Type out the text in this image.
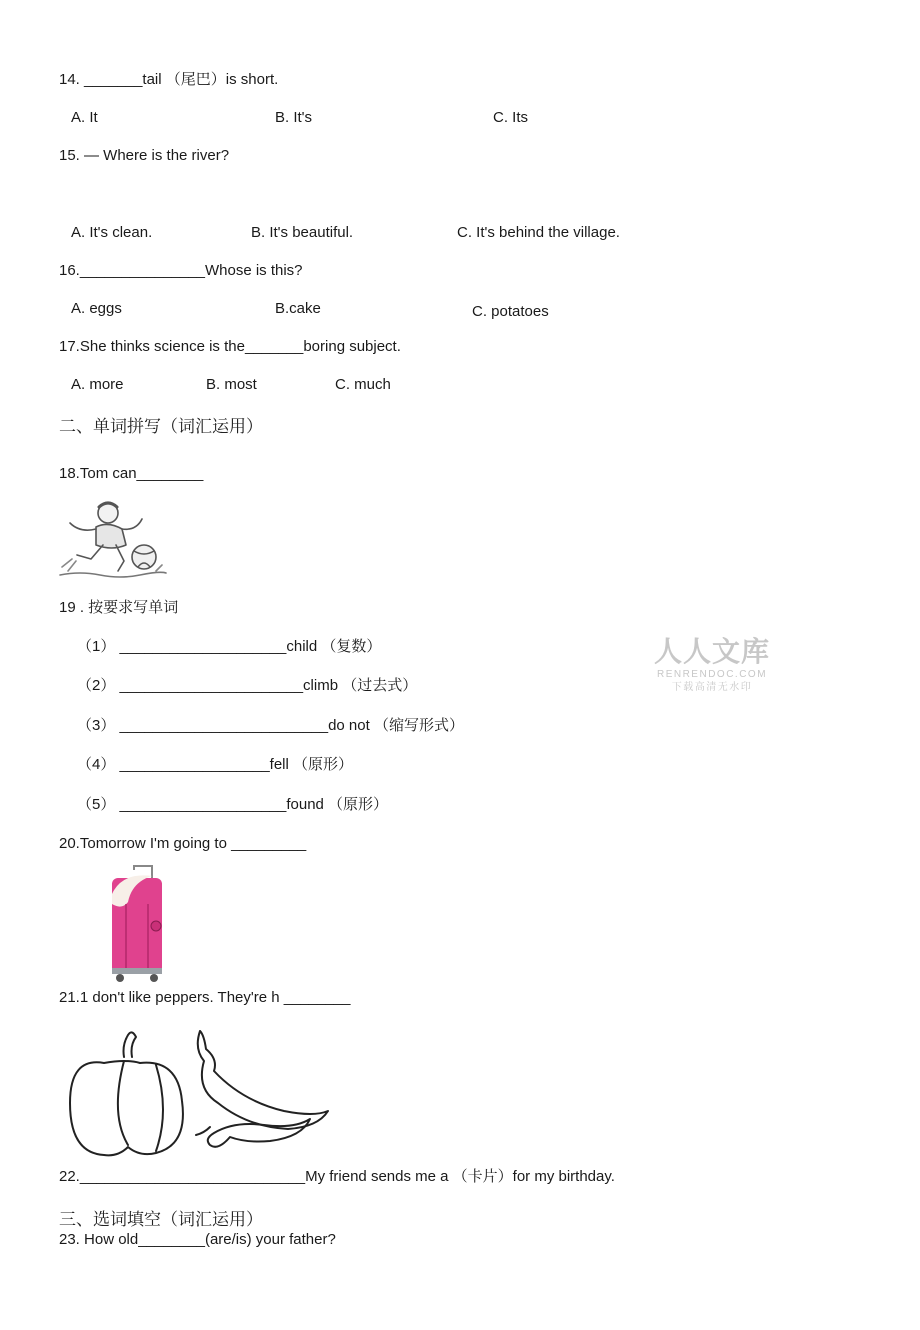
14. _______tail （尾巴）is short.
A. It	B. It's	C. Its
15. — Where is the river?
A. It's clean.	B. It's beautiful.	C. It's behind the village.
16._______________Whose is this?
A. eggs	B.cake	C. potatoes
17.She thinks science is the_______boring subject.
A. more	B. most	C. much
二、单词拼写（词汇运用）
18.Tom can________
19 . 按要求写单词
（1） ____________________child （复数）
（2） ______________________climb （过去式）
（3） _________________________do not （缩写形式）
（4） __________________fell （原形）
（5） ____________________found （原形）
人人文库
RENRENDOC.COM
下载高清无水印
20.Tomorrow I'm going to _________
21.1 don't like peppers. They're h ________
22.___________________________My friend sends me a （卡片）for my birthday.
三、选词填空（词汇运用）
23. How old________(are/is) your father?
